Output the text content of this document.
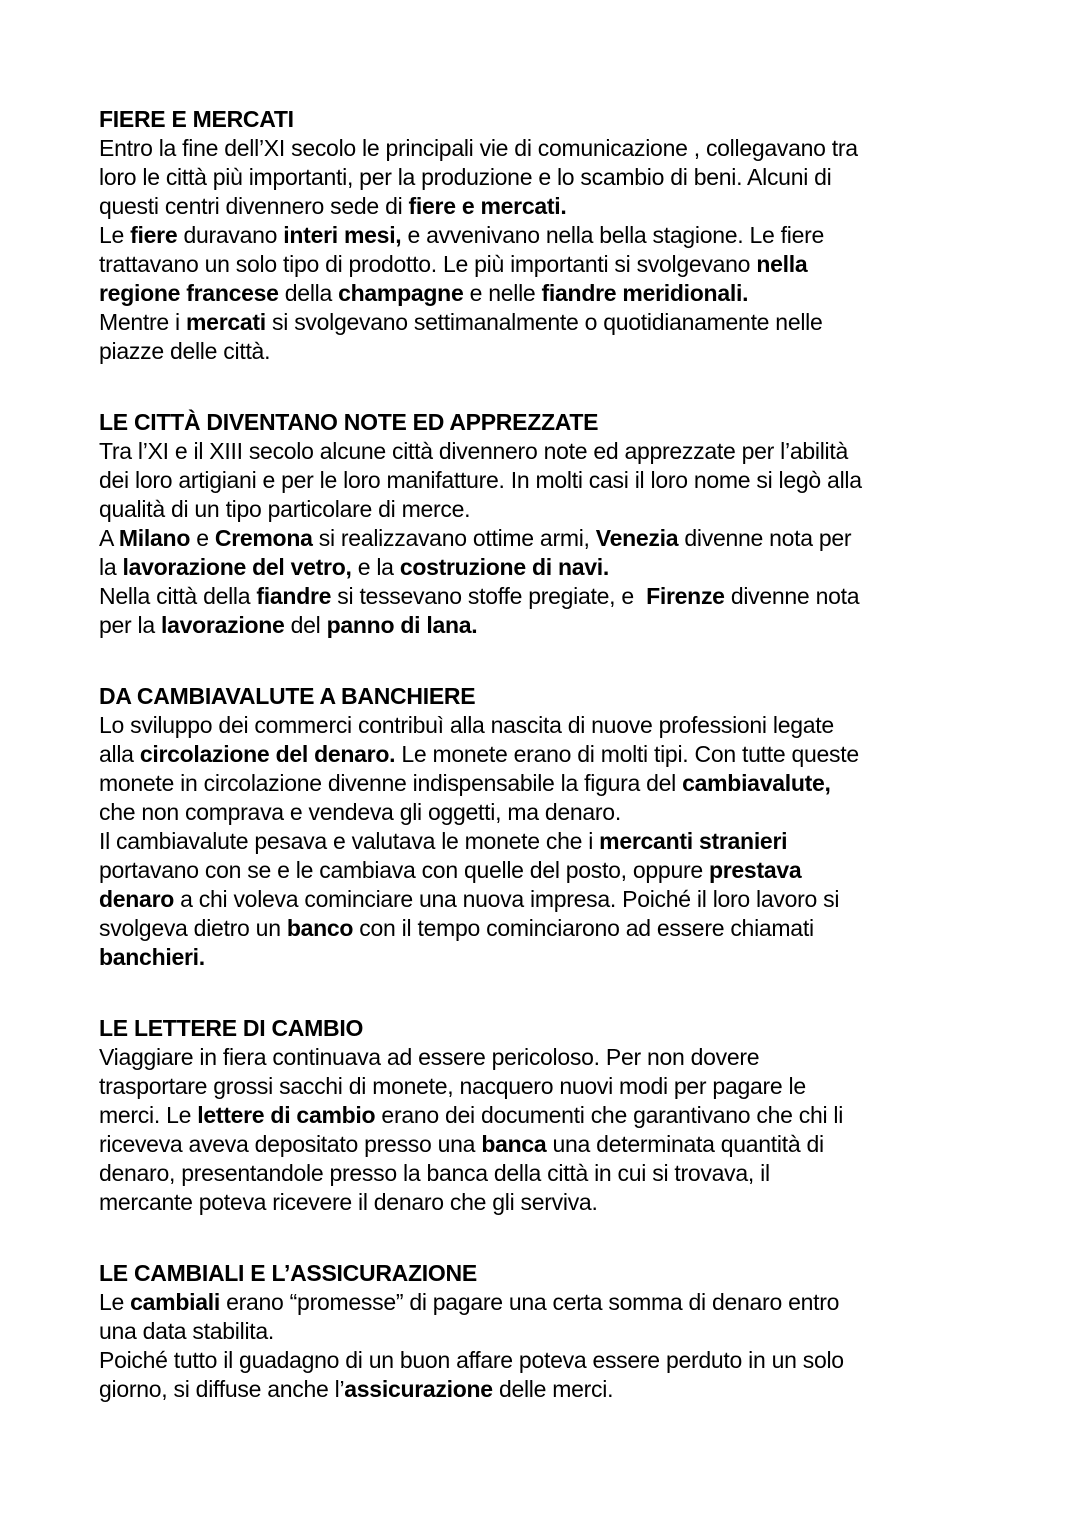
FIERE E MERCATI
Entro la fine dell’XI secolo le principali vie di comunicazione , collegavano tra
loro le città più importanti, per la produzione e lo scambio di beni. Alcuni di
questi centri divennero sede di fiere e mercati.
Le fiere duravano interi mesi, e avvenivano nella bella stagione. Le fiere
trattavano un solo tipo di prodotto. Le più importanti si svolgevano nella
regione francese della champagne e nelle fiandre meridionali.
Mentre i mercati si svolgevano settimanalmente o quotidianamente nelle
piazze delle città.
LE CITTÀ DIVENTANO NOTE ED APPREZZATE
Tra l’XI e il XIII secolo alcune città divennero note ed apprezzate per l’abilità
dei loro artigiani e per le loro manifatture. In molti casi il loro nome si legò alla
qualità di un tipo particolare di merce.
A Milano e Cremona si realizzavano ottime armi, Venezia divenne nota per
la lavorazione del vetro, e la costruzione di navi.
Nella città della fiandre si tessevano stoffe pregiate, e  Firenze divenne nota
per la lavorazione del panno di lana.
DA CAMBIAVALUTE A BANCHIERE
Lo sviluppo dei commerci contribuì alla nascita di nuove professioni legate
alla circolazione del denaro. Le monete erano di molti tipi. Con tutte queste
monete in circolazione divenne indispensabile la figura del cambiavalute,
che non comprava e vendeva gli oggetti, ma denaro.
Il cambiavalute pesava e valutava le monete che i mercanti stranieri
portavano con se e le cambiava con quelle del posto, oppure prestava
denaro a chi voleva cominciare una nuova impresa. Poiché il loro lavoro si
svolgeva dietro un banco con il tempo cominciarono ad essere chiamati
banchieri.
LE LETTERE DI CAMBIO
Viaggiare in fiera continuava ad essere pericoloso. Per non dovere
trasportare grossi sacchi di monete, nacquero nuovi modi per pagare le
merci. Le lettere di cambio erano dei documenti che garantivano che chi li
riceveva aveva depositato presso una banca una determinata quantità di
denaro, presentandole presso la banca della città in cui si trovava, il
mercante poteva ricevere il denaro che gli serviva.
LE CAMBIALI E L’ASSICURAZIONE
Le cambiali erano “promesse” di pagare una certa somma di denaro entro
una data stabilita.
Poiché tutto il guadagno di un buon affare poteva essere perduto in un solo
giorno, si diffuse anche l’assicurazione delle merci.
